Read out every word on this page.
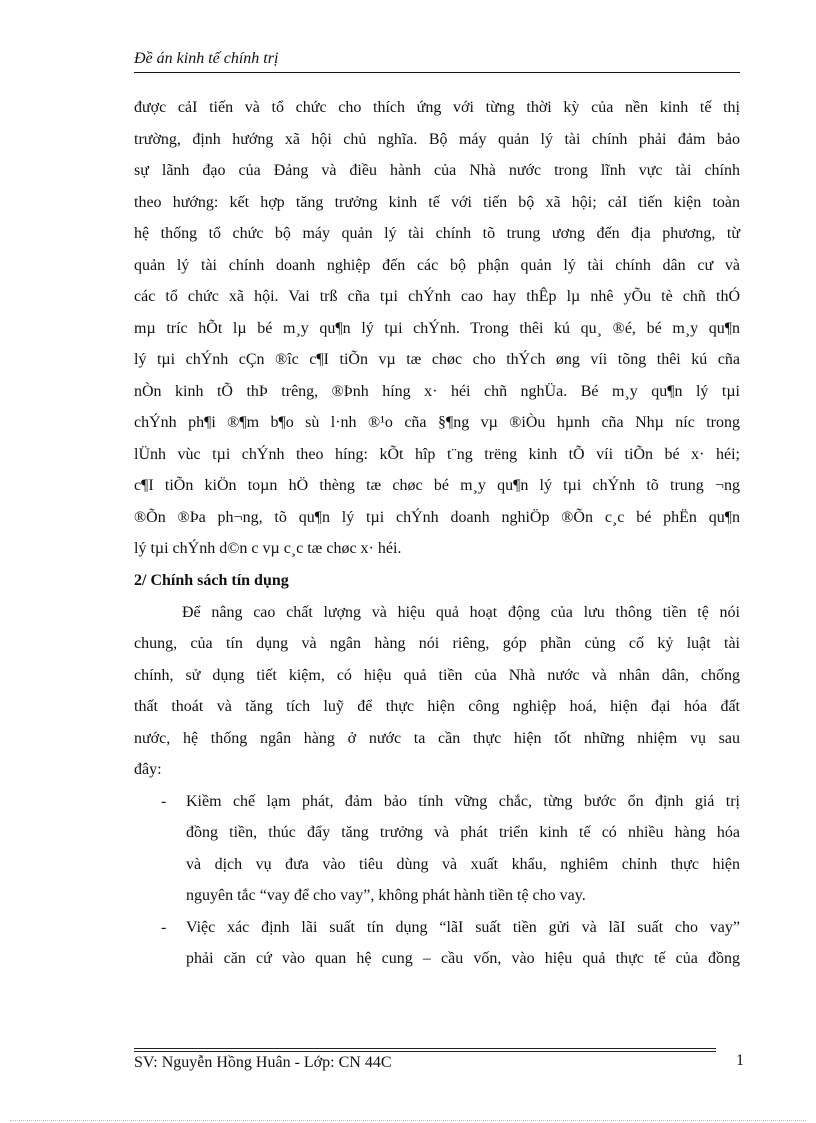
Đề án kinh tế chính trị
được cảI tiến và tổ chức cho thích ứng với từng thời kỳ của nền kinh tế thị
trường, định hướng xã hội chủ nghĩa. Bộ máy quản lý tài chính phải đảm bảo
sự lãnh đạo của Đảng và điều hành của Nhà nước trong lĩnh vực tài chính
theo hướng: kết hợp tăng trưởng kinh tế với tiến bộ xã hội; cảI tiến kiện toàn
hệ thống tổ chức bộ máy quản lý tài chính tõ trung ương đến địa phương, từ
quản lý tài chính doanh nghiệp đến các bộ phận quản lý tài chính dân cư và
các tổ chức xã hội. Vai trß cña tµi chÝnh cao hay thÊp lµ nhê yÕu tè chñ thÓ
mµ tríc hÕt lµ bé m¸y qu¶n lý tµi chÝnh. Trong thêi kú qu¸ ®é, bé m¸y qu¶n
lý tµi chÝnh cÇn ®îc c¶I tiÕn vµ tæ chøc cho thÝch øng víi tõng thêi kú cña
nÒn kinh tÕ thÞ trêng, ®Þnh híng x· héi chñ nghÜa. Bé m¸y qu¶n lý tµi
chÝnh ph¶i ®¶m b¶o sù l·nh ®¹o cña §¶ng vµ ®iÒu hµnh cña Nhµ níc trong
lÜnh vùc tµi chÝnh theo híng: kÕt hîp t¨ng trëng kinh tÕ víi tiÕn bé x· héi;
c¶I tiÕn kiÖn toµn hÖ thèng tæ chøc bé m¸y qu¶n lý tµi chÝnh tõ trung ¬ng
®Õn ®Þa ph¬ng, tõ qu¶n lý tµi chÝnh doanh nghiÖp ®Õn c¸c bé phËn qu¶n
lý tµi chÝnh d©n c vµ c¸c tæ chøc x· héi.
2/ Chính sách tín dụng
Để nâng cao chất lượng và hiệu quả hoạt động của lưu thông tiền tệ nói
chung, của tín dụng và ngân hàng nói riêng, góp phần củng cố kỷ luật tài
chính, sử dụng tiết kiệm, có hiệu quả tiền của Nhà nước và nhân dân, chống
thất thoát và tăng tích luỹ để thực hiện công nghiệp hoá, hiện đại hóa đất
nước, hệ thống ngân hàng ở nước ta cần thực hiện tốt những nhiệm vụ sau
đây:
- Kiềm chế lạm phát, đảm bảo tính vững chắc, từng bước ổn định giá trị
đồng tiền, thúc đẩy tăng trưởng và phát triển kinh tế có nhiều hàng hóa
và dịch vụ đưa vào tiêu dùng và xuất khẩu, nghiêm chỉnh thực hiện
nguyên tắc “vay để cho vay”, không phát hành tiền tệ cho vay.
- Việc xác định lãi suất tín dụng “lãI suất tiền gửi và lãI suất cho vay”
phải căn cứ vào quan hệ cung – cầu vốn, vào hiệu quả thực tế của đồng
SV: Nguyễn Hồng Huân - Lớp: CN 44C	1
